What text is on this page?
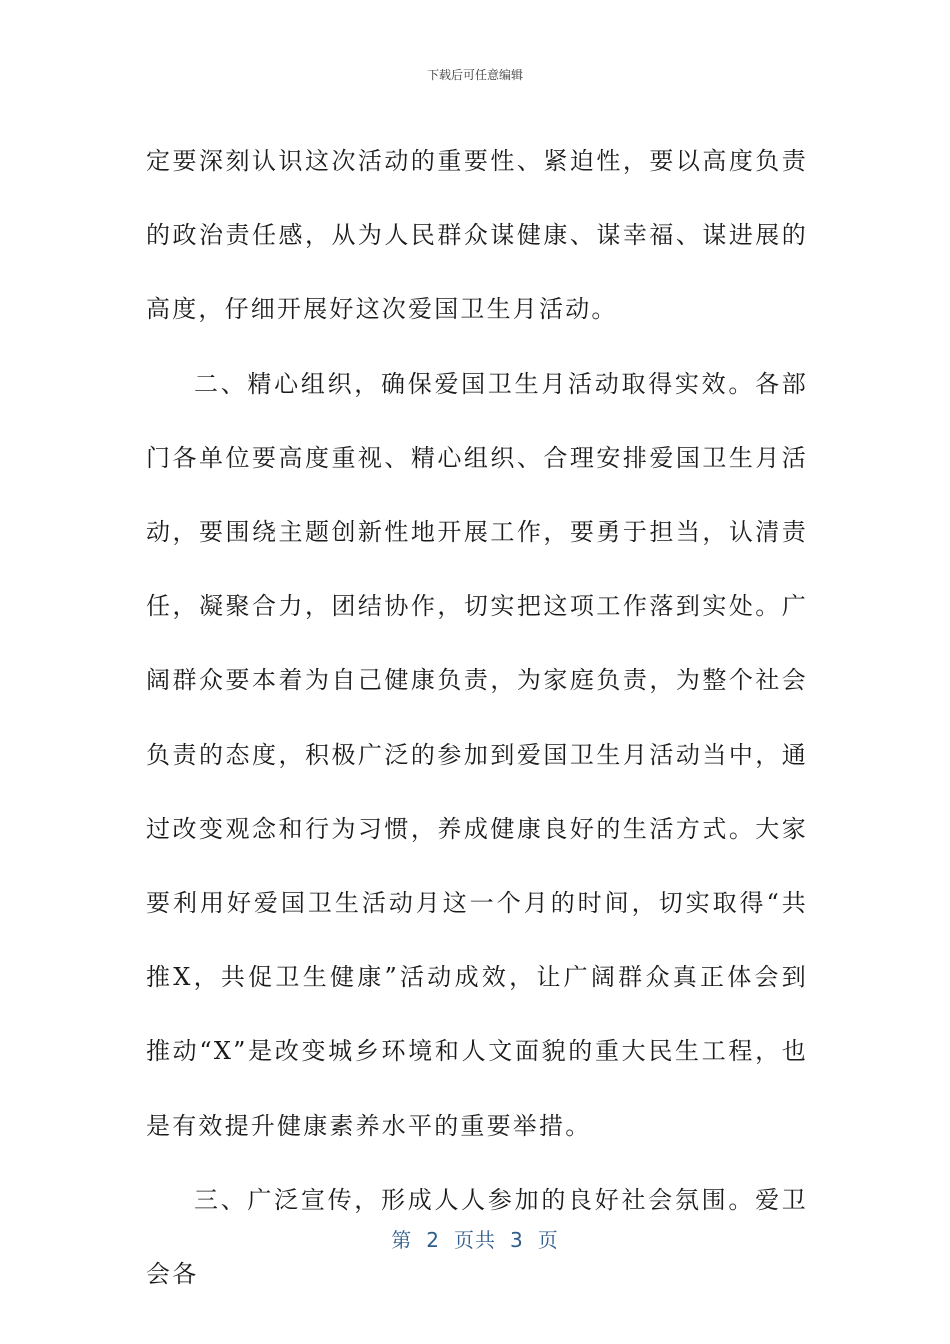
下载后可任意编辑

定要深刻认识这次活动的重要性、紧迫性，要以高度负责的政治责任感，从为人民群众谋健康、谋幸福、谋进展的高度，仔细开展好这次爱国卫生月活动。

二、精心组织，确保爱国卫生月活动取得实效。各部门各单位要高度重视、精心组织、合理安排爱国卫生月活动，要围绕主题创新性地开展工作，要勇于担当，认清责任，凝聚合力，团结协作，切实把这项工作落到实处。广阔群众要本着为自己健康负责，为家庭负责，为整个社会负责的态度，积极广泛的参加到爱国卫生月活动当中，通过改变观念和行为习惯，养成健康良好的生活方式。大家要利用好爱国卫生活动月这一个月的时间，切实取得“共推X，共促卫生健康”活动成效，让广阔群众真正体会到推动“X”是改变城乡环境和人文面貌的重大民生工程，也是有效提升健康素养水平的重要举措。

三、广泛宣传，形成人人参加的良好社会氛围。爱卫会各

第 2 页共 3 页
